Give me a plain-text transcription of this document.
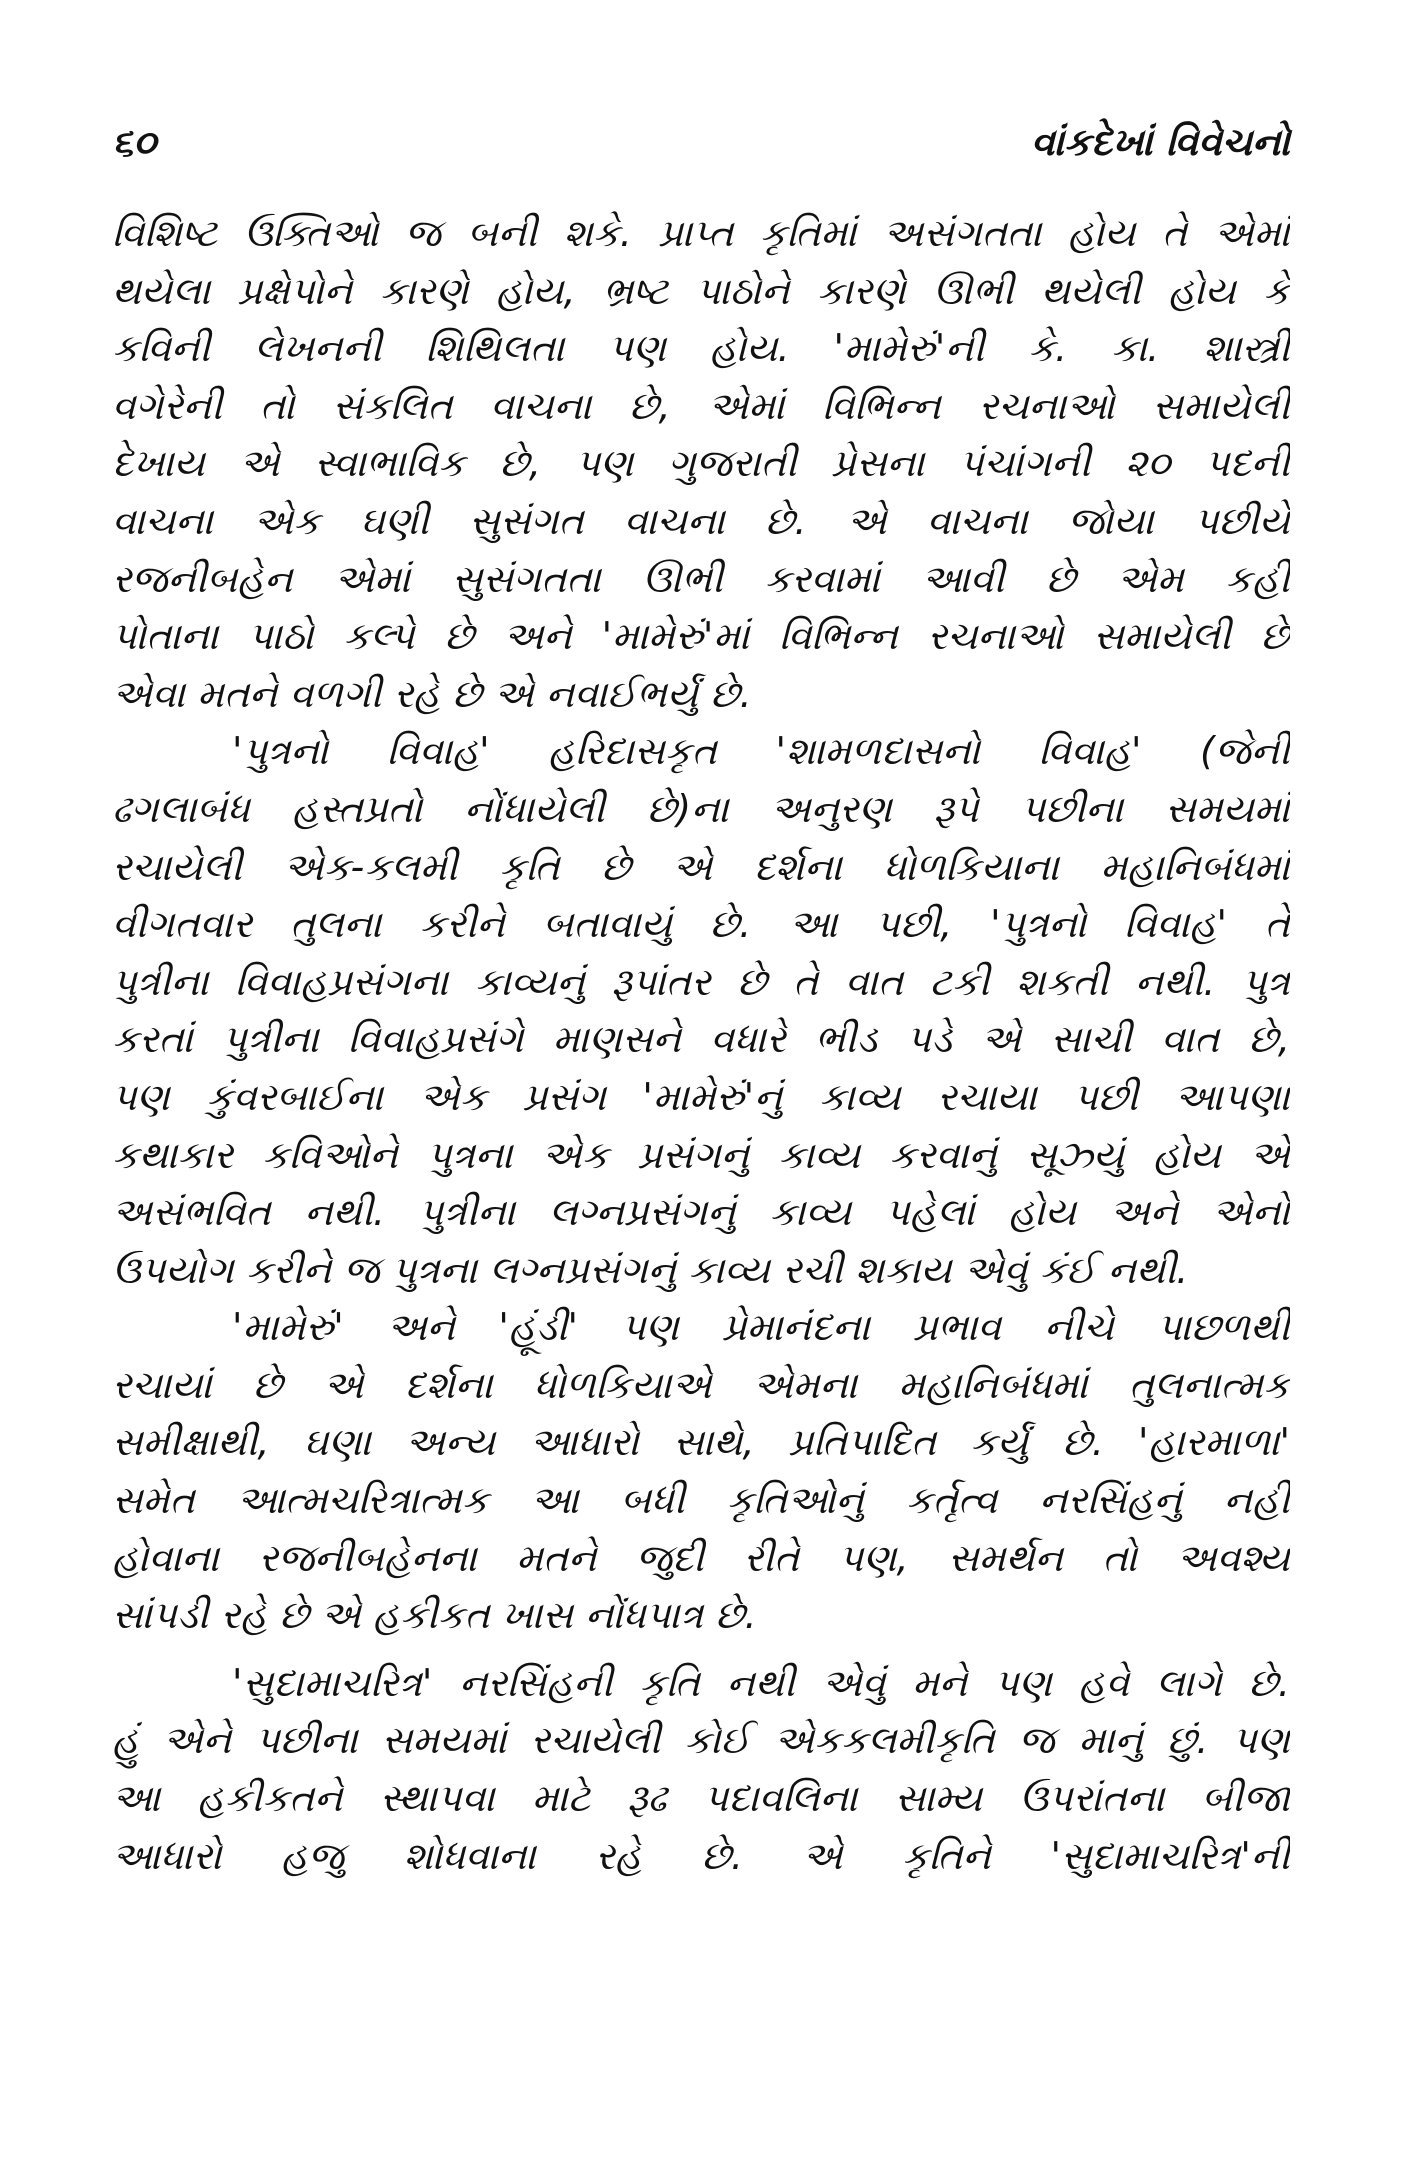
૬૦	વાંકદેખાં વિવેચનો
વિશિષ્ટ ઉક્તિઓ જ બની શકે. પ્રાપ્ત કૃતિમાં અસંગતતા હોય તે એમાં
થયેલા પ્રક્ષેપોને કારણે હોય, ભ્રષ્ટ પાઠોને કારણે ઊભી થયેલી હોય કે
કવિની લેખનની શિથિલતા પણ હોય. 'મામેરું'ની કે. કા. શાસ્ત્રી
વગેરેની તો સંકલિત વાચના છે, એમાં વિભિન્ન રચનાઓ સમાયેલી
દેખાય એ સ્વાભાવિક છે, પણ ગુજરાતી પ્રેસના પંચાંગની ૨૦ પદની
વાચના એક ઘણી સુસંગત વાચના છે. એ વાચના જોયા પછીયે
રજનીબહેન એમાં સુસંગતતા ઊભી કરવામાં આવી છે એમ કહી
પોતાના પાઠો કલ્પે છે અને 'મામેરું'માં વિભિન્ન રચનાઓ સમાયેલી છે
એવા મતને વળગી રહે છે એ નવાઈભર્યું છે.
'પુત્રનો વિવાહ' હરિદાસકૃત 'શામળદાસનો વિવાહ' (જેની
ઢગલાબંધ હસ્તપ્રતો નોંધાયેલી છે)ના અનુરણ રૂપે પછીના સમયમાં
રચાયેલી એક-કલમી કૃતિ છે એ દર્શના ધોળકિયાના મહાનિબંધમાં
વીગતવાર તુલના કરીને બતાવાયું છે. આ પછી, 'પુત્રનો વિવાહ' તે
પુત્રીના વિવાહપ્રસંગના કાવ્યનું રૂપાંતર છે તે વાત ટકી શકતી નથી. પુત્ર
કરતાં પુત્રીના વિવાહપ્રસંગે માણસને વધારે ભીડ પડે એ સાચી વાત છે,
પણ કુંવરબાઈના એક પ્રસંગ 'મામેરું'નું કાવ્ય રચાયા પછી આપણા
કથાકાર કવિઓને પુત્રના એક પ્રસંગનું કાવ્ય કરવાનું સૂઝ્યું હોય એ
અસંભવિત નથી. પુત્રીના લગ્નપ્રસંગનું કાવ્ય પહેલાં હોય અને એનો
ઉપયોગ કરીને જ પુત્રના લગ્નપ્રસંગનું કાવ્ય રચી શકાય એવું કંઈ નથી.
'મામેરું' અને 'હૂંડી' પણ પ્રેમાનંદના પ્રભાવ નીચે પાછળથી
રચાયાં છે એ દર્શના ધોળકિયાએ એમના મહાનિબંધમાં તુલનાત્મક
સમીક્ષાથી, ઘણા અન્ય આધારો સાથે, પ્રતિપાદિત કર્યું છે. 'હારમાળા'
સમેત આત્મચરિત્રાત્મક આ બધી કૃતિઓનું કર્તૃત્વ નરસિંહનું નહીં
હોવાના રજનીબહેનના મતને જુદી રીતે પણ, સમર્થન તો અવશ્ય
સાંપડી રહે છે એ હકીકત ખાસ નોંધપાત્ર છે.
'સુદામાચરિત્ર' નરસિંહની કૃતિ નથી એવું મને પણ હવે લાગે છે.
હું એને પછીના સમયમાં રચાયેલી કોઈ એકકલમીકૃતિ જ માનું છું. પણ
આ હકીકતને સ્થાપવા માટે રૂઢ પદાવલિના સામ્ય ઉપરાંતના બીજા
આધારો હજુ શોધવાના રહે છે. એ કૃતિને 'સુદામાચરિત્ર'ની
